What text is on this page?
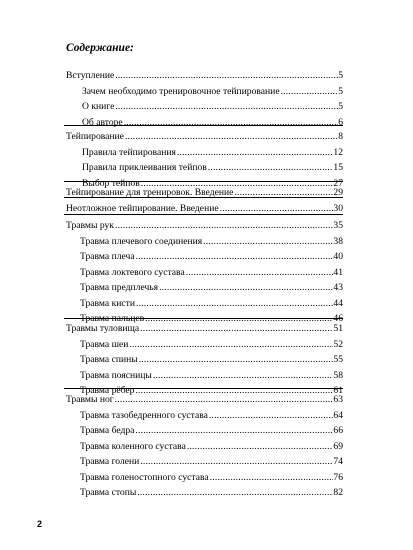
Содержание:
Вступление .....	5
Зачем необходимо тренировочное тейпирование .....	5
О книге .....	5
Об авторе .....	6
Тейпирование .....	8
Правила тейпирования .....	12
Правила приклеивания тейпов .....	15
Выбор тейпов .....	27
Тейпирование для тренировок. Введение .....	29
Неотложное тейпирование. Введение .....	30
Травмы рук .....	35
Травма плечевого соединения .....	38
Травма плеча .....	40
Травма локтевого сустава .....	41
Травма предплечья .....	43
Травма кисти .....	44
Травма пальцев .....	46
Травмы туловища .....	51
Травма шеи .....	52
Травма спины .....	55
Травма поясницы .....	58
Травма рёбер .....	61
Травмы ног .....	63
Травма тазобедренного сустава .....	64
Травма бедра .....	66
Травма коленного сустава .....	69
Травма голени .....	74
Травма голеностопного сустава .....	76
Травма стопы .....	82
2
